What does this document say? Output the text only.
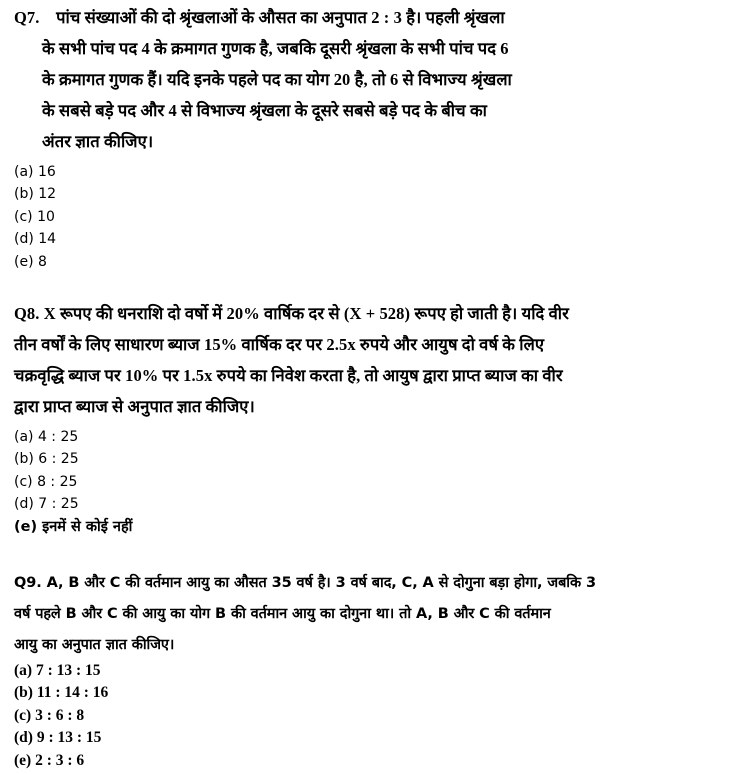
Q7. पांच संख्याओं की दो श्रृंखलाओं के औसत का अनुपात 2 : 3 है। पहली श्रृंखला
के सभी पांच पद 4 के क्रमागत गुणक है, जबकि दूसरी श्रृंखला के सभी पांच पद 6
के क्रमागत गुणक हैं। यदि इनके पहले पद का योग 20 है, तो 6 से विभाज्य श्रृंखला
के सबसे बड़े पद और 4 से विभाज्य श्रृंखला के दूसरे सबसे बड़े पद के बीच का
अंतर ज्ञात कीजिए।
(a) 16
(b) 12
(c) 10
(d) 14
(e) 8
Q8. X रूपए की धनराशि दो वर्षो में 20% वार्षिक दर से (X + 528) रूपए हो जाती है। यदि वीर
तीन वर्षों के लिए साधारण ब्याज 15% वार्षिक दर पर 2.5x रुपये और आयुष दो वर्ष के लिए
चक्रवृद्धि ब्याज पर 10% पर 1.5x रुपये का निवेश करता है, तो आयुष द्वारा प्राप्त ब्याज का वीर
द्वारा प्राप्त ब्याज से अनुपात ज्ञात कीजिए।
(a) 4 : 25
(b) 6 : 25
(c) 8 : 25
(d) 7 : 25
(e) इनमें से कोई नहीं
Q9. A, B और C की वर्तमान आयु का औसत 35 वर्ष है। 3 वर्ष बाद, C, A से दोगुना बड़ा होगा, जबकि 3
वर्ष पहले B और C की आयु का योग B की वर्तमान आयु का दोगुना था। तो A, B और C की वर्तमान
आयु का अनुपात ज्ञात कीजिए।
(a) 7 : 13 : 15
(b) 11 : 14 : 16
(c) 3 : 6 : 8
(d) 9 : 13 : 15
(e) 2 : 3 : 6
